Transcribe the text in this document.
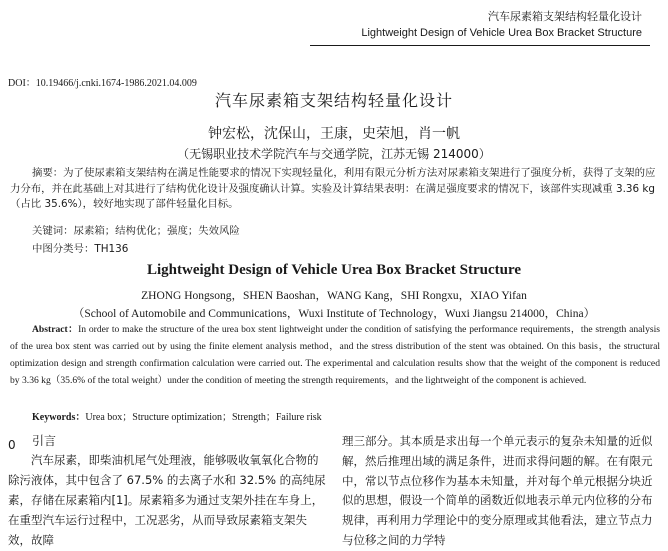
汽车尿素箱支架结构轻量化设计
Lightweight Design of Vehicle Urea Box Bracket Structure
DOI：10.19466/j.cnki.1674-1986.2021.04.009
汽车尿素箱支架结构轻量化设计
钟宏松，沈保山，王康，史荣旭，肖一帆
（无锡职业技术学院汽车与交通学院，江苏无锡 214000）

摘要：为了使尿素箱支架结构在满足性能要求的情况下实现轻量化，利用有限元分析方法对尿素箱支架进行了强度分析，获得了支架的应力分布，并在此基础上对其进行了结构优化设计及强度确认计算。实验及计算结果表明：在满足强度要求的情况下，该部件实现减重 3.36 kg（占比 35.6%），较好地实现了部件轻量化目标。

关键词：尿素箱；结构优化；强度；失效风险
中图分类号：TH136
Lightweight Design of Vehicle Urea Box Bracket Structure
ZHONG Hongsong，SHEN Baoshan，WANG Kang，SHI Rongxu，XIAO Yifan
（School of Automobile and Communications，Wuxi Institute of Technology，Wuxi Jiangsu 214000，China）

Abstract：In order to make the structure of the urea box stent lightweight under the condition of satisfying the performance requirements，the strength analysis of the urea box stent was carried out by using the finite element analysis method，and the stress distribution of the stent was obtained. On this basis，the structural optimization design and strength confirmation calculation were carried out. The experimental and calculation results show that the weight of the component is reduced by 3.36 kg（35.6% of the total weight）under the condition of meeting the strength requirements，and the lightweight of the component is achieved.

Keywords：Urea box；Structure optimization；Strength；Failure risk
0 引言

汽车尿素，即柴油机尾气处理液，能够吸收氧氧化合物的除污液体，其中包含了 67.5% 的去离子水和 32.5% 的高纯尿素，存储在尿素箱内[1]。尿素箱多为通过支架外挂在车身上，在重型汽车运行过程中，工况恶劣，从而导致尿素箱支架失效，故障

理三部分。其本质是求出每一个单元表示的复杂未知量的近似解，然后推理出域的满足条件，进而求得问题的解。在有限元中，常以节点位移作为基本未知量，并对每个单元根据分块近似的思想，假设一个简单的函数近似地表示单元内位移的分布规律，再利用力学理论中的变分原理或其他看法，建立节点力与位移之间的力学特
